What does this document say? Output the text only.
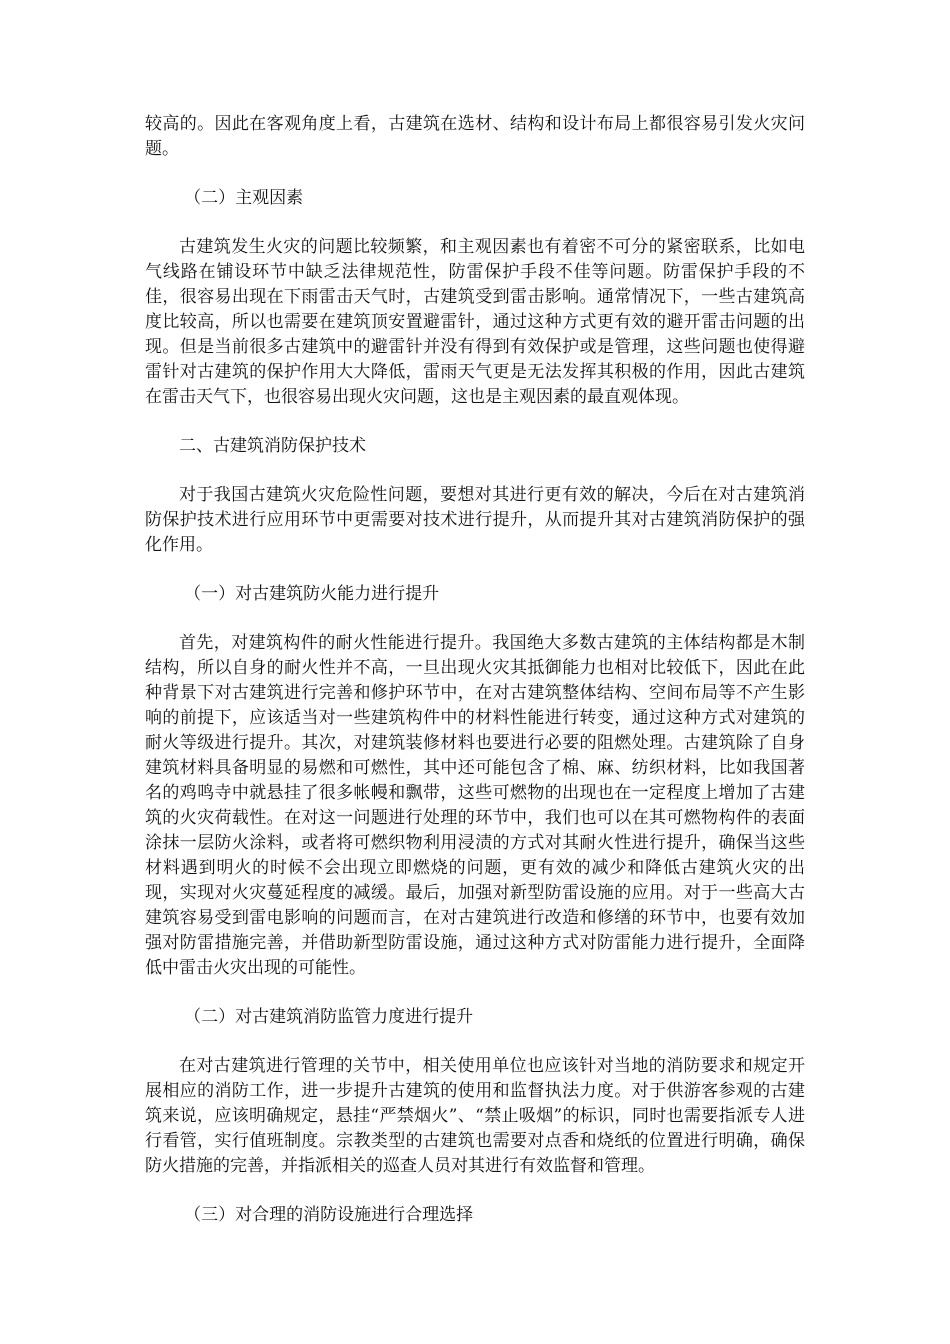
较高的。因此在客观角度上看，古建筑在选材、结构和设计布局上都很容易引发火灾问题。

（二）主观因素

古建筑发生火灾的问题比较频繁，和主观因素也有着密不可分的紧密联系，比如电气线路在铺设环节中缺乏法律规范性，防雷保护手段不佳等问题。防雷保护手段的不佳，很容易出现在下雨雷击天气时，古建筑受到雷击影响。通常情况下，一些古建筑高度比较高，所以也需要在建筑顶安置避雷针，通过这种方式更有效的避开雷击问题的出现。但是当前很多古建筑中的避雷针并没有得到有效保护或是管理，这些问题也使得避雷针对古建筑的保护作用大大降低，雷雨天气更是无法发挥其积极的作用，因此古建筑在雷击天气下，也很容易出现火灾问题，这也是主观因素的最直观体现。

二、古建筑消防保护技术

对于我国古建筑火灾危险性问题，要想对其进行更有效的解决，今后在对古建筑消防保护技术进行应用环节中更需要对技术进行提升，从而提升其对古建筑消防保护的强化作用。

（一）对古建筑防火能力进行提升

首先，对建筑构件的耐火性能进行提升。我国绝大多数古建筑的主体结构都是木制结构，所以自身的耐火性并不高，一旦出现火灾其抵御能力也相对比较低下，因此在此种背景下对古建筑进行完善和修护环节中，在对古建筑整体结构、空间布局等不产生影响的前提下，应该适当对一些建筑构件中的材料性能进行转变，通过这种方式对建筑的耐火等级进行提升。其次，对建筑装修材料也要进行必要的阻燃处理。古建筑除了自身建筑材料具备明显的易燃和可燃性，其中还可能包含了棉、麻、纺织材料，比如我国著名的鸡鸣寺中就悬挂了很多帐幔和飘带，这些可燃物的出现也在一定程度上增加了古建筑的火灾荷载性。在对这一问题进行处理的环节中，我们也可以在其可燃物构件的表面涂抹一层防火涂料，或者将可燃织物利用浸渍的方式对其耐火性进行提升，确保当这些材料遇到明火的时候不会出现立即燃烧的问题，更有效的减少和降低古建筑火灾的出现，实现对火灾蔓延程度的减缓。最后，加强对新型防雷设施的应用。对于一些高大古建筑容易受到雷电影响的问题而言，在对古建筑进行改造和修缮的环节中，也要有效加强对防雷措施完善，并借助新型防雷设施，通过这种方式对防雷能力进行提升，全面降低中雷击火灾出现的可能性。

（二）对古建筑消防监管力度进行提升

在对古建筑进行管理的关节中，相关使用单位也应该针对当地的消防要求和规定开展相应的消防工作，进一步提升古建筑的使用和监督执法力度。对于供游客参观的古建筑来说，应该明确规定，悬挂“严禁烟火”、“禁止吸烟”的标识，同时也需要指派专人进行看管，实行值班制度。宗教类型的古建筑也需要对点香和烧纸的位置进行明确，确保防火措施的完善，并指派相关的巡查人员对其进行有效监督和管理。

（三）对合理的消防设施进行合理选择
